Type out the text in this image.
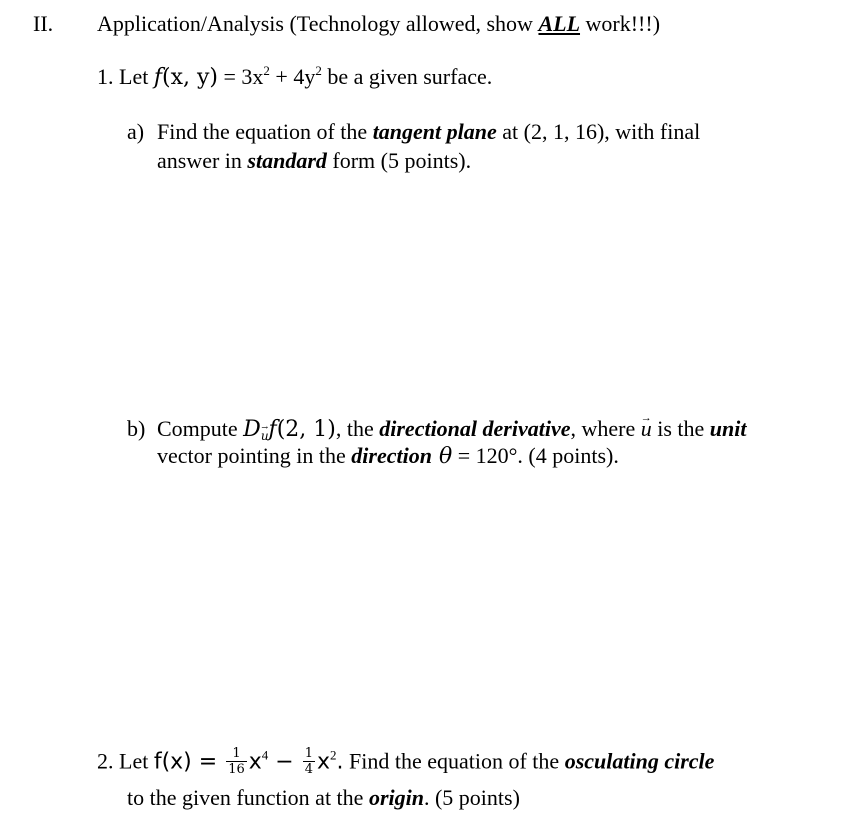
II. Application/Analysis (Technology allowed, show ALL work!!!)
1. Let f(x, $y) = 3x^2 + 4y^2$ be a given surface.
a) Find the equation of the tangent plane at (2, 1, 16), with final
answer in standard form (5 points).
b) Compute Duf(2, 1), the directional derivative, where → u is the unit
vector pointing in the direction θ = 120°. (4 points).
2. Let $f(x) = \frac{1}{16} x^4 - \frac{1}{4} x^2$. Find the equation of the osculating circle
to the given function at the origin. (5 points)
